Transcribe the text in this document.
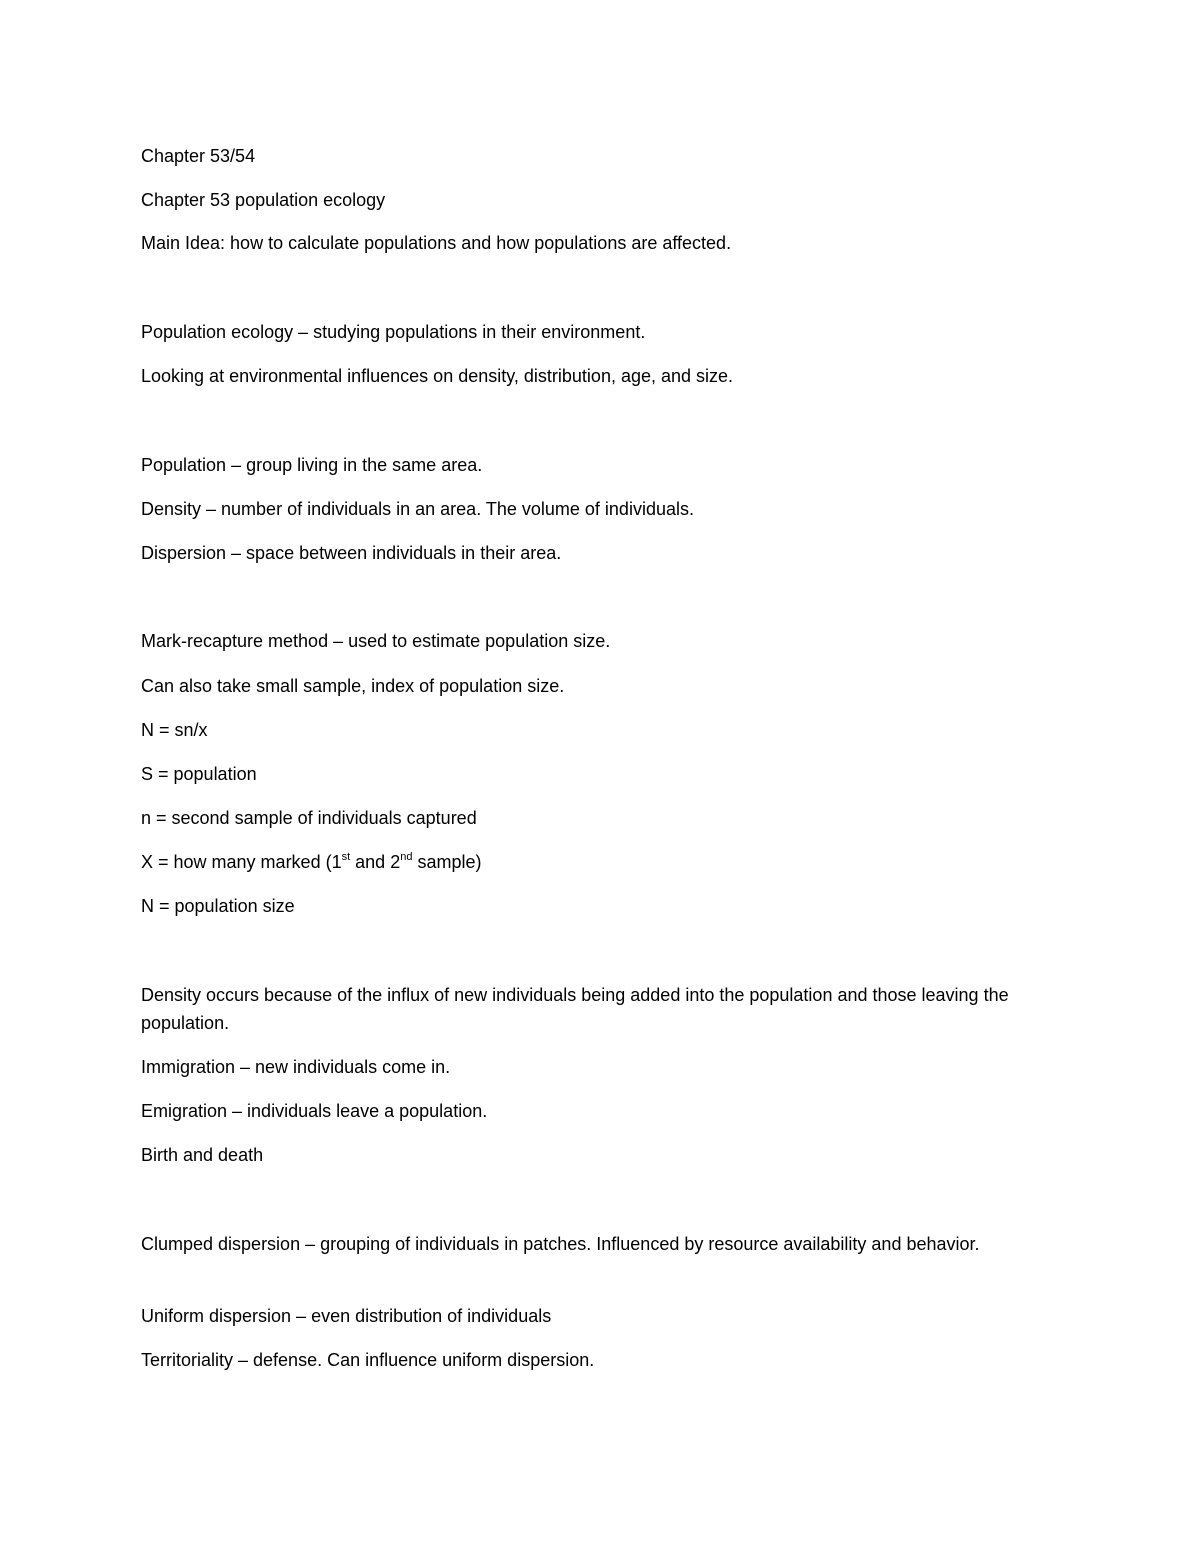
Chapter 53/54
Chapter 53 population ecology
Main Idea: how to calculate populations and how populations are affected.
Population ecology – studying populations in their environment.
Looking at environmental influences on density, distribution, age, and size.
Population – group living in the same area.
Density – number of individuals in an area. The volume of individuals.
Dispersion – space between individuals in their area.
Mark-recapture method – used to estimate population size.
Can also take small sample, index of population size.
N = sn/x
S = population
n = second sample of individuals captured
X = how many marked (1st and 2nd sample)
N = population size
Density occurs because of the influx of new individuals being added into the population and those leaving the population.
Immigration – new individuals come in.
Emigration – individuals leave a population.
Birth and death
Clumped dispersion – grouping of individuals in patches. Influenced by resource availability and behavior.
Uniform dispersion – even distribution of individuals
Territoriality – defense. Can influence uniform dispersion.
